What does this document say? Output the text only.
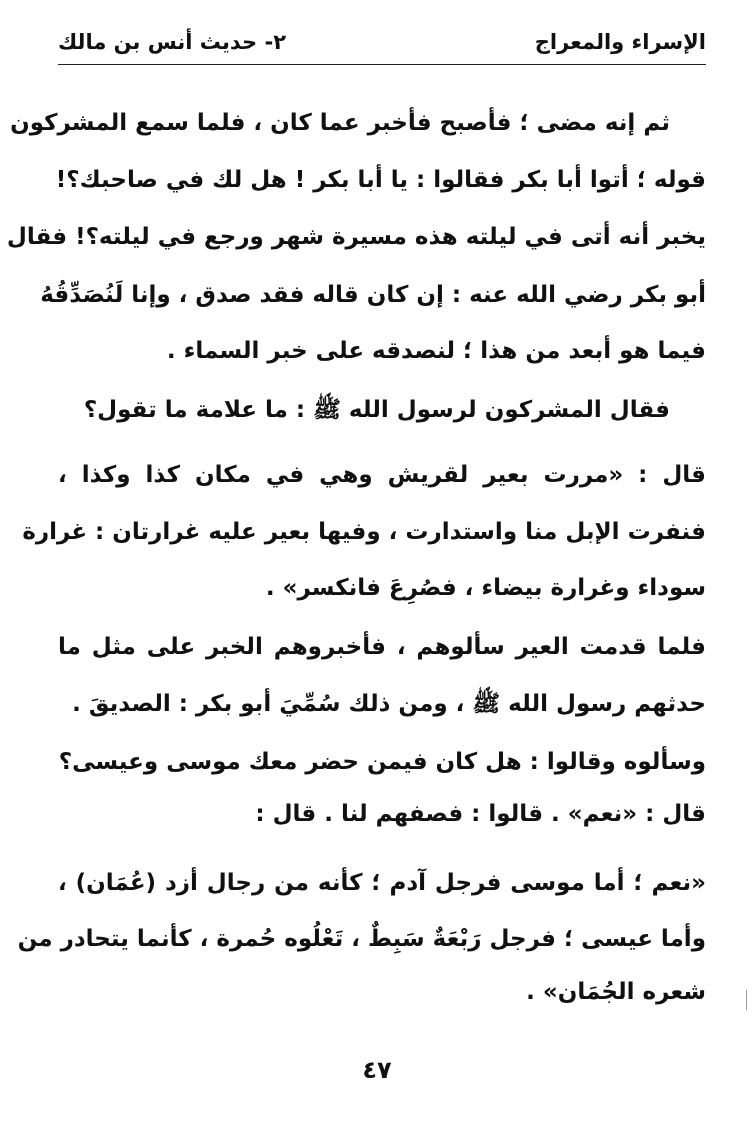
الإسراء والمعراج
٢- حديث أنس بن مالك
ثم إنه مضى ؛ فأصبح فأخبر عما كان ، فلما سمع المشركون
قوله ؛ أتوا أبا بكر فقالوا : يا أبا بكر ! هل لك في صاحبك؟!
يخبر أنه أتى في ليلته هذه مسيرة شهر ورجع في ليلته؟! فقال
أبو بكر رضي الله عنه : إن كان قاله فقد صدق ، وإنا لَنُصَدِّقُهُ
فيما هو أبعد من هذا ؛ لنصدقه على خبر السماء .
فقال المشركون لرسول الله ﷺ : ما علامة ما تقول؟
قال : «مررت بعير لقريش وهي في مكان كذا وكذا ،
فنفرت الإبل منا واستدارت ، وفيها بعير عليه غرارتان : غرارة
سوداء وغرارة بيضاء ، فصُرِعَ فانكسر» .
فلما قدمت العير سألوهم ، فأخبروهم الخبر على مثل ما
حدثهم رسول الله ﷺ ، ومن ذلك سُمِّيَ أبو بكر : الصديقَ .
وسألوه وقالوا : هل كان فيمن حضر معك موسى وعيسى؟
قال : «نعم» . قالوا : فصفهم لنا . قال :
«نعم ؛ أما موسى فرجل آدم ؛ كأنه من رجال أزد (عُمَان) ،
وأما عيسى ؛ فرجل رَبْعَةٌ سَبِطٌ ، تَعْلُوه حُمرة ، كأنما يتحادر من
شعره الجُمَان» .
٤٧
